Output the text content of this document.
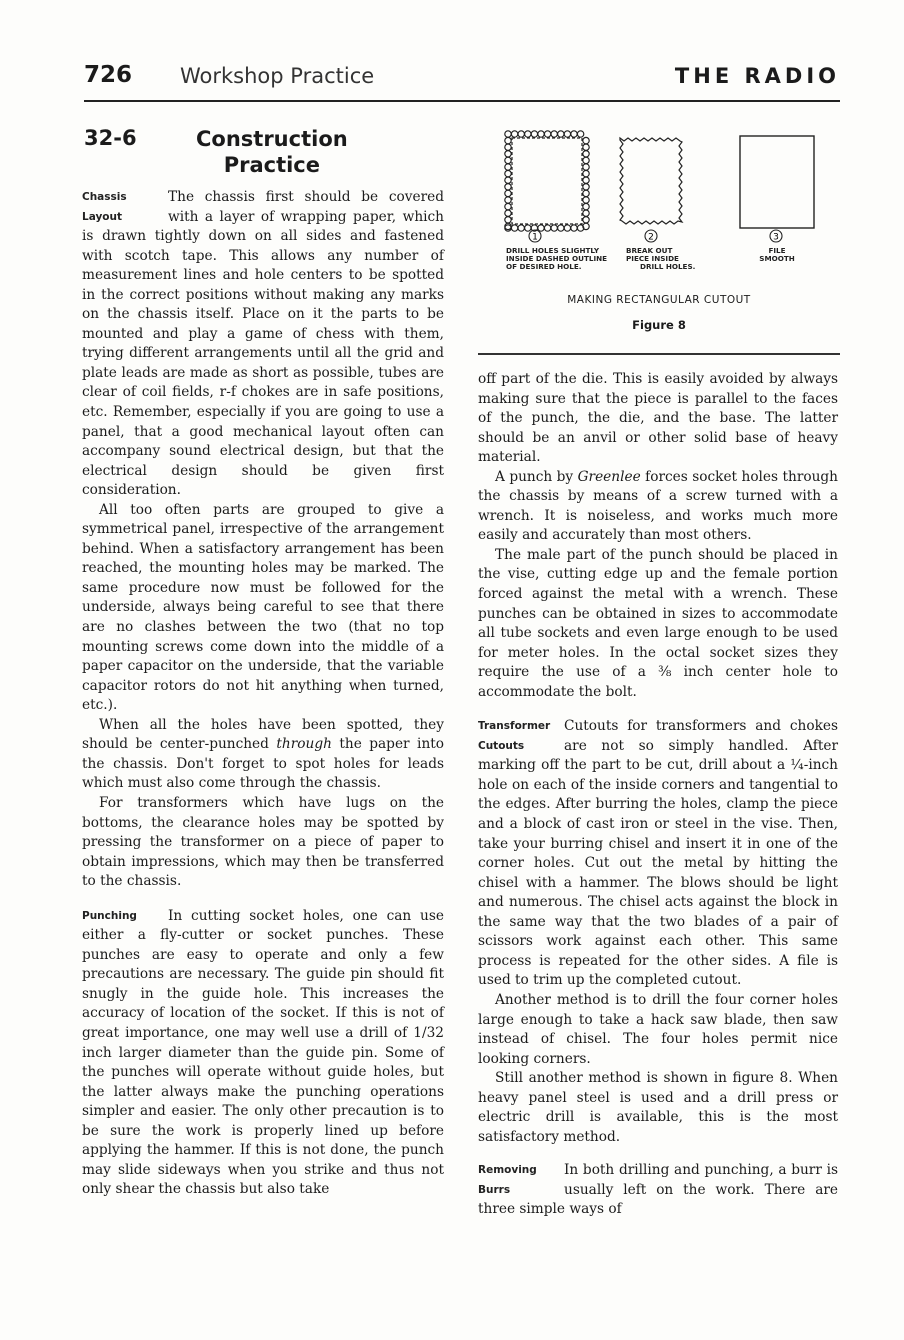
726 Workshop Practice	THE RADIO
32-6	Construction
Practice
Chassis
Layout

The chassis first should be covered with a layer of wrapping paper, which is drawn tightly down on all sides and fastened with scotch tape. This allows any number of measurement lines and hole centers to be spotted in the correct positions without making any marks on the chassis itself. Place on it the parts to be mounted and play a game of chess with them, trying different arrangements until all the grid and plate leads are made as short as possible, tubes are clear of coil fields, r-f chokes are in safe positions, etc. Remember, especially if you are going to use a panel, that a good mechanical layout often can accompany sound electrical design, but that the electrical design should be given first consideration.

All too often parts are grouped to give a symmetrical panel, irrespective of the arrangement behind. When a satisfactory arrangement has been reached, the mounting holes may be marked. The same procedure now must be followed for the underside, always being careful to see that there are no clashes between the two (that no top mounting screws come down into the middle of a paper capacitor on the underside, that the variable capacitor rotors do not hit anything when turned, etc.).

When all the holes have been spotted, they should be center-punched through the paper into the chassis. Don't forget to spot holes for leads which must also come through the chassis.

For transformers which have lugs on the bottoms, the clearance holes may be spotted by pressing the transformer on a piece of paper to obtain impressions, which may then be transferred to the chassis.

Punching	In cutting socket holes, one can use either a fly-cutter or socket punches. These punches are easy to operate and only a few precautions are necessary. The guide pin should fit snugly in the guide hole. This increases the accuracy of location of the socket. If this is not of great importance, one may well use a drill of 1/32 inch larger diameter than the guide pin. Some of the punches will operate without guide holes, but the latter always make the punching operations simpler and easier. The only other precaution is to be sure the work is properly lined up before applying the hammer. If this is not done, the punch may slide sideways when you strike and thus not only shear the chassis but also take

1	2	3
DRILL HOLES SLIGHTLY
INSIDE DASHED OUTLINE
OF DESIRED HOLE.
BREAK OUT
PIECE INSIDE
DRILL HOLES.
FILE
SMOOTH
MAKING RECTANGULAR CUTOUT
Figure 8

off part of the die. This is easily avoided by always making sure that the piece is parallel to the faces of the punch, the die, and the base. The latter should be an anvil or other solid base of heavy material.

A punch by Greenlee forces socket holes through the chassis by means of a screw turned with a wrench. It is noiseless, and works much more easily and accurately than most others.

The male part of the punch should be placed in the vise, cutting edge up and the female portion forced against the metal with a wrench. These punches can be obtained in sizes to accommodate all tube sockets and even large enough to be used for meter holes. In the octal socket sizes they require the use of a ⅜ inch center hole to accommodate the bolt.

Transformer
Cutouts

Cutouts for transformers and chokes are not so simply handled. After marking off the part to be cut, drill about a ¼-inch hole on each of the inside corners and tangential to the edges. After burring the holes, clamp the piece and a block of cast iron or steel in the vise. Then, take your burring chisel and insert it in one of the corner holes. Cut out the metal by hitting the chisel with a hammer. The blows should be light and numerous. The chisel acts against the block in the same way that the two blades of a pair of scissors work against each other. This same process is repeated for the other sides. A file is used to trim up the completed cutout.

Another method is to drill the four corner holes large enough to take a hack saw blade, then saw instead of chisel. The four holes permit nice looking corners.

Still another method is shown in figure 8. When heavy panel steel is used and a drill press or electric drill is available, this is the most satisfactory method.

Removing
Burrs

In both drilling and punching, a burr is usually left on the work. There are three simple ways of
